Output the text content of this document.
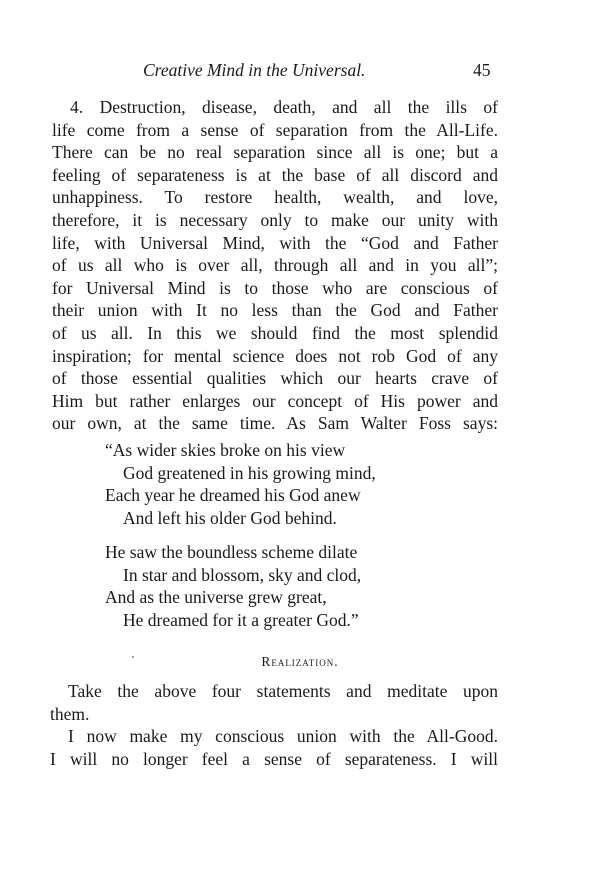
Creative Mind in the Universal.	45
4. Destruction, disease, death, and all the ills of
life come from a sense of separation from the All-Life.
There can be no real separation since all is one; but a
feeling of separateness is at the base of all discord and
unhappiness. To restore health, wealth, and love,
therefore, it is necessary only to make our unity with
life, with Universal Mind, with the “God and Father
of us all who is over all, through all and in you all”;
for Universal Mind is to those who are conscious of
their union with It no less than the God and Father
of us all. In this we should find the most splendid
inspiration; for mental science does not rob God of any
of those essential qualities which our hearts crave of
Him but rather enlarges our concept of His power and
our own, at the same time. As Sam Walter Foss says:
“As wider skies broke on his view
God greatened in his growing mind,
Each year he dreamed his God anew
And left his older God behind.
He saw the boundless scheme dilate
In star and blossom, sky and clod,
And as the universe grew great,
He dreamed for it a greater God.”
Realization.
Take the above four statements and meditate upon
them.
I now make my conscious union with the All-Good.
I will no longer feel a sense of separateness. I will
